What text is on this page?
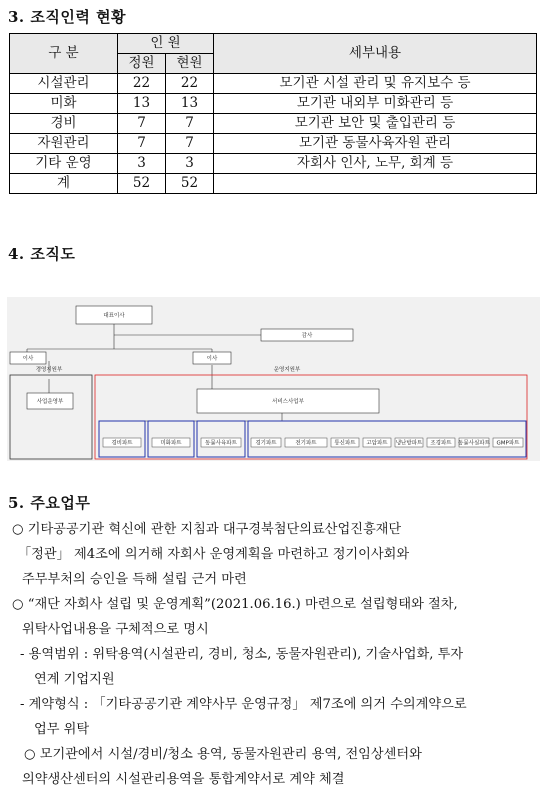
3. 조직인력 현황
구 분	인 원		세부내용
	정원	현원	
시설관리	22	22	모기관 시설 관리 및 유지보수 등
미화	13	13	모기관 내외부 미화관리 등
경비	7	7	모기관 보안 및 출입관리 등
자원관리	7	7	모기관 동물사육자원 관리
기타 운영	3	3	자회사 인사, 노무, 회계 등
계	52	52	
4. 조직도
대표이사
감사
이사	이사
경영지원부	운영지원부
사업운영부	서비스사업부
경비파트	미화파트	동물사육파트	경기파트	전기파트	통신파트 고압파트 냉난방파트 조경파트 동물사실파트 GMP파트
5. 주요업무
○ 기타공공기관 혁신에 관한 지침과 대구경북첨단의료산업진흥재단
「정관」 제4조에 의거해 자회사 운영계획을 마련하고 정기이사회와
주무부처의 승인을 득해 설립 근거 마련
○ “재단 자회사 설립 및 운영계획”(2021.06.16.) 마련으로 설립형태와 절차,
위탁사업내용을 구체적으로 명시
- 용역범위 : 위탁용역(시설관리, 경비, 청소, 동물자원관리), 기술사업화, 투자
연계 기업지원
- 계약형식 : 「기타공공기관 계약사무 운영규정」 제7조에 의거 수의계약으로
업무 위탁
○ 모기관에서 시설/경비/청소 용역, 동물자원관리 용역, 전임상센터와
의약생산센터의 시설관리용역을 통합계약서로 계약 체결
